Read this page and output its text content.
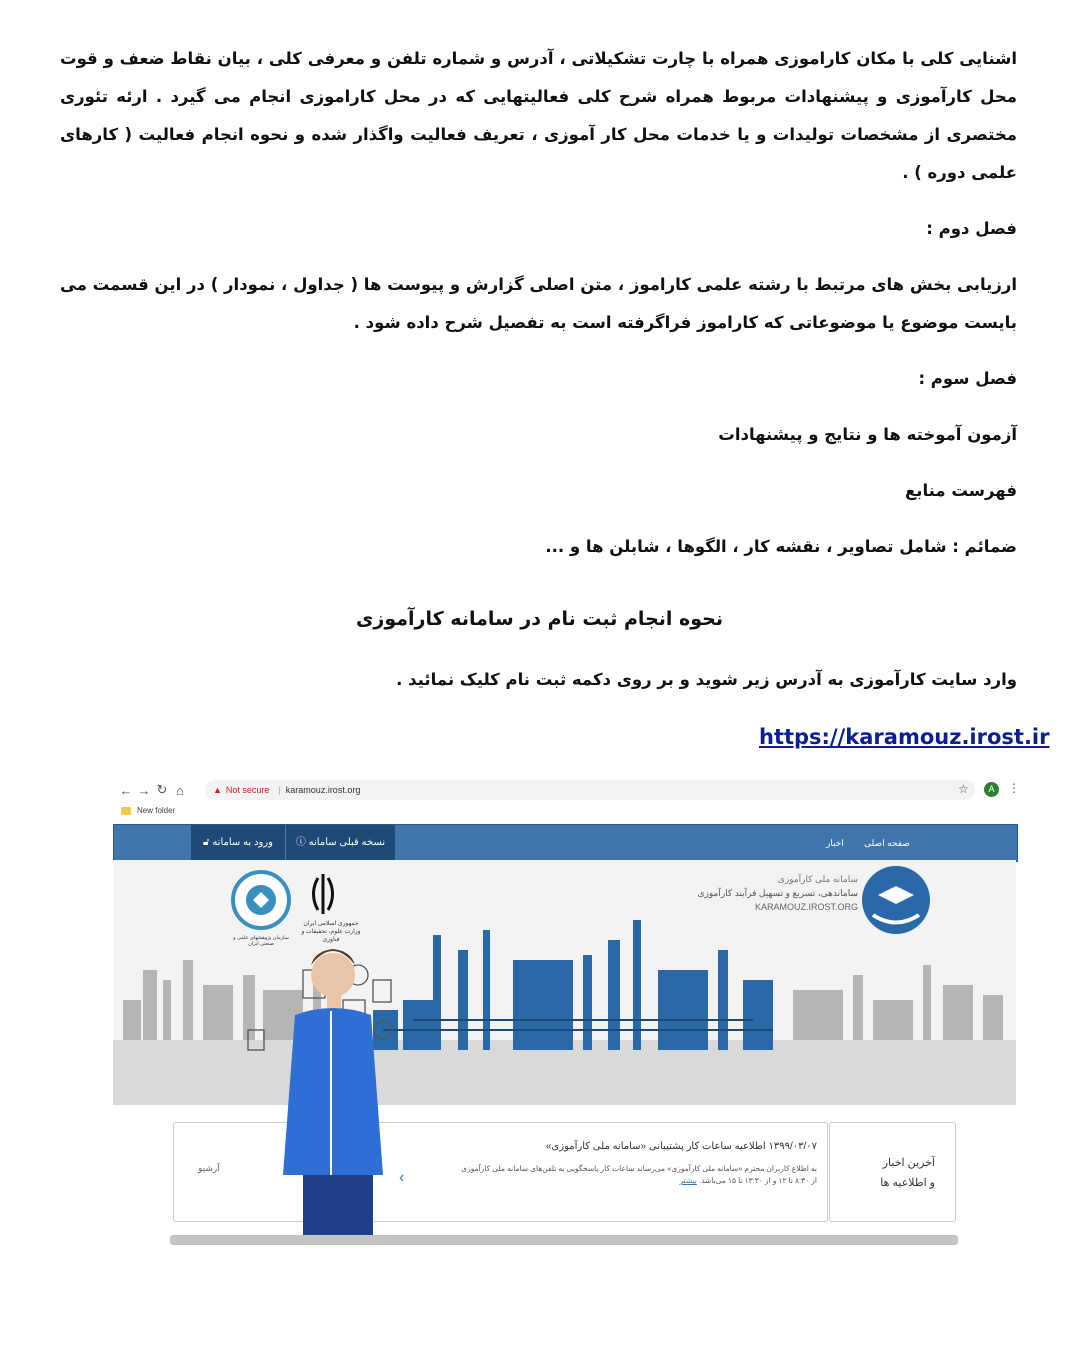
اشنایی کلی با مکان کاراموزی همراه با چارت تشکیلاتی ، آدرس و شماره تلفن و معرفی کلی ، بیان نقاط ضعف و قوت محل کارآموزی و پیشنهادات مربوط همراه شرح کلی فعالیتهایی که در محل کاراموزی انجام می گیرد . ارئه تئوری مختصری از مشخصات تولیدات و یا خدمات محل کار آموزی ، تعریف فعالیت واگذار شده و نحوه انجام فعالیت ( کارهای علمی دوره ) .

فصل دوم :

ارزیابی بخش های مرتبط با رشته علمی کاراموز ، متن اصلی گزارش و پیوست ها ( جداول ، نمودار ) در این قسمت می بایست موضوع یا موضوعاتی که کاراموز فراگرفته است به تفصیل شرح داده شود .

فصل سوم :

آزمون آموخته ها و نتایج و پیشنهادات

فهرست منابع

ضمائم : شامل تصاویر ، نقشه کار ، الگوها ، شابلن ها و ...

نحوه انجام ثبت نام در سامانه کارآموزی
وارد سایت کارآموزی به آدرس زیر شوید و بر روی دکمه ثبت نام کلیک نمائید .
https://karamouz.irost.ir
← → ↻ ⌂	▲ Not secure | karamouz.irost.org	☆	A	⋮
New folder
ورود به سامانه 🔓︎	نسخه قبلی سامانه ⓘ	اخبار صفحه اصلی
سامانه ملی کارآموزی
ساماندهی، تسریع و تسهیل فرآیند کارآموزی
KARAMOUZ.IROST.ORG
جمهوری اسلامی ایران وزارت علوم، تحقیقات و فناوری
سازمان پژوهشهای علمی و صنعتی ایران
۱۳۹۹/۰۳/۰۷ اطلاعیه ساعات کار پشتیبانی «سامانه ملی کارآموزی»
به اطلاع کاربران محترم «سامانه ملی کارآموزی» می‌رساند ساعات کار پاسخگویی به تلفن‌های سامانه ملی کارآموزی از ۸:۳۰ تا ۱۲ و از ۱۳:۳۰ تا ۱۵ می‌باشد. بیشتر
آرشیو
‹
آخرین اخبار
و اطلاعیه ها
